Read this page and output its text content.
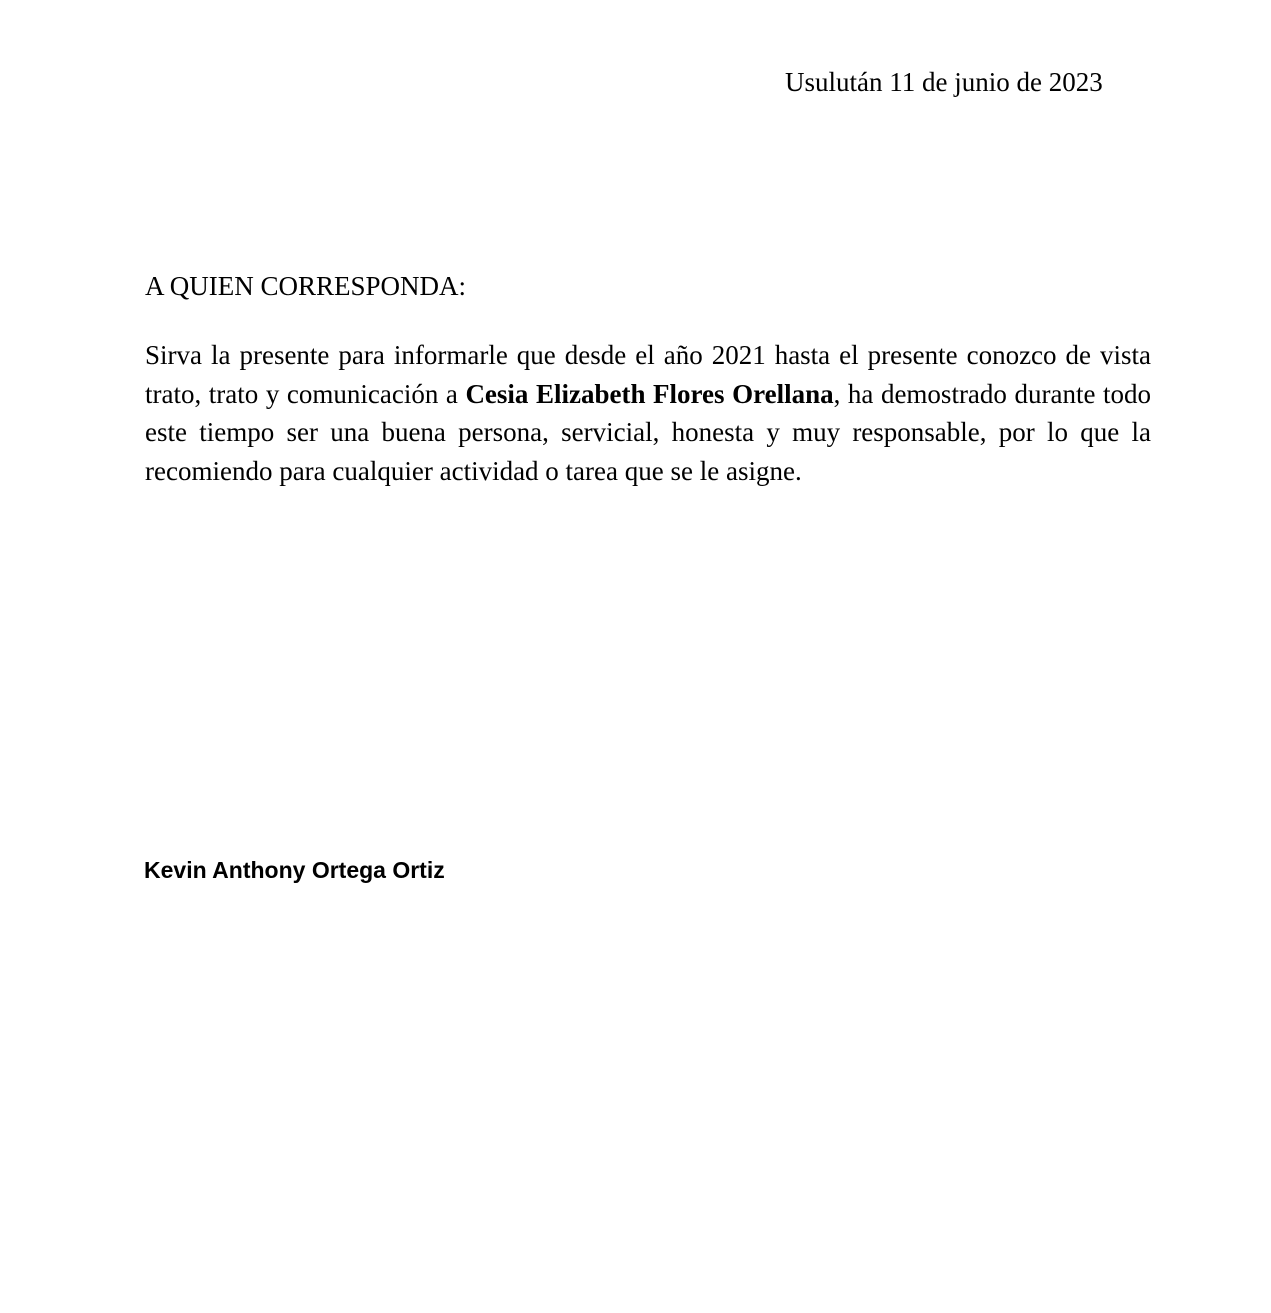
Usulután 11 de junio de 2023
A QUIEN CORRESPONDA:

Sirva la presente para informarle que desde el año 2021 hasta el presente conozco de vista trato, trato y comunicación a Cesia Elizabeth Flores Orellana, ha demostrado durante todo este tiempo ser una buena persona, servicial, honesta y muy responsable, por lo que la recomiendo para cualquier actividad o tarea que se le asigne.

Kevin Anthony Ortega Ortiz
